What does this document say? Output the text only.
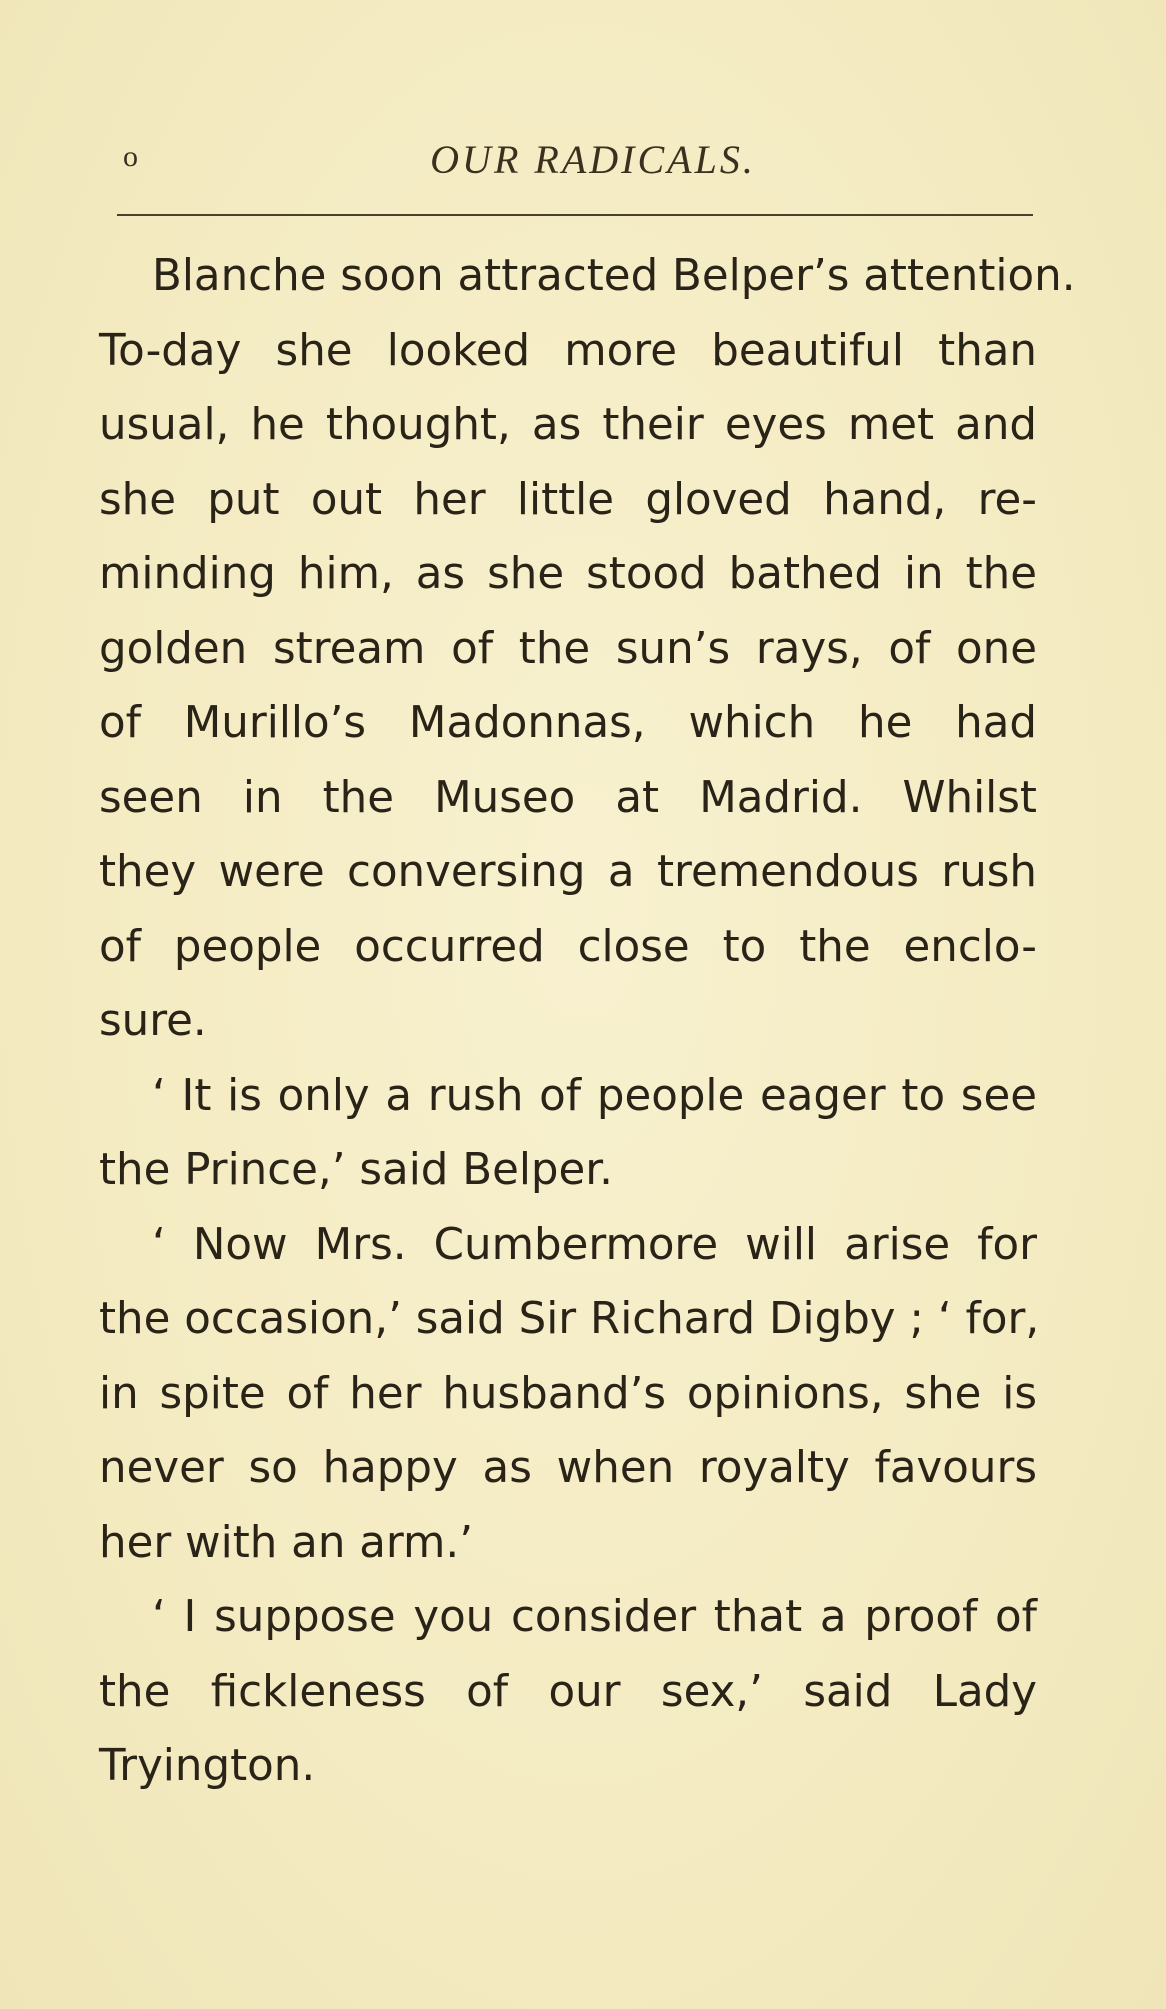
o	OUR RADICALS.
Blanche soon attracted Belper’s attention.
To-day she looked more beautiful than
usual, he thought, as their eyes met and
she put out her little gloved hand, re-
minding him, as she stood bathed in the
golden stream of the sun’s rays, of one
of Murillo’s Madonnas, which he had
seen in the Museo at Madrid. Whilst
they were conversing a tremendous rush
of people occurred close to the enclo-
sure.
‘ It is only a rush of people eager to see
the Prince,’ said Belper.
‘ Now Mrs. Cumbermore will arise for
the occasion,’ said Sir Richard Digby ; ‘ for,
in spite of her husband’s opinions, she is
never so happy as when royalty favours
her with an arm.’
‘ I suppose you consider that a proof of
the fickleness of our sex,’ said Lady
Tryington.
